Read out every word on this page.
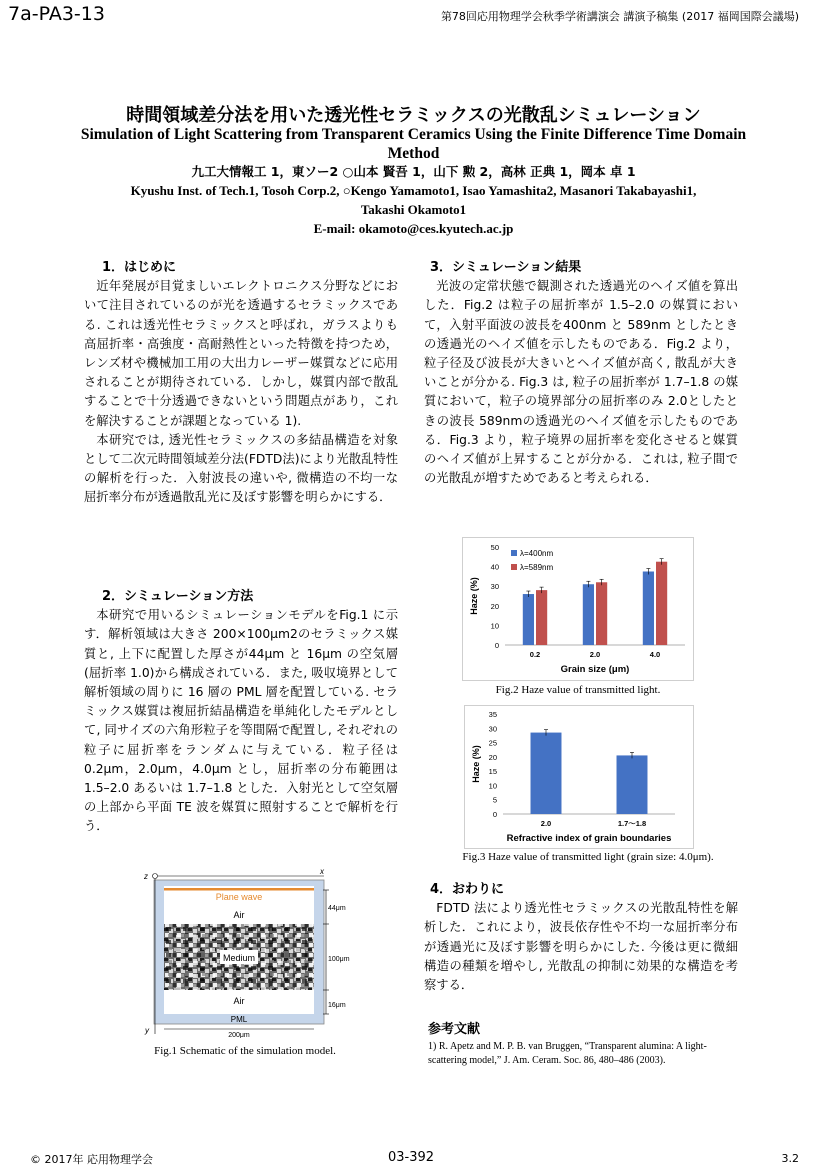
7a-PA3-13	第78回応用物理学会秋季学術講演会 講演予稿集 (2017 福岡国際会議場)
時間領域差分法を用いた透光性セラミックスの光散乱シミュレーション
Simulation of Light Scattering from Transparent Ceramics Using the Finite Difference Time Domain Method
九工大情報工 1，東ソー2 ○山本 賢吾 1，山下 勲 2，高林 正典 1，岡本 卓 1
Kyushu Inst. of Tech.1, Tosoh Corp.2, ○Kengo Yamamoto1, Isao Yamashita2, Masanori Takabayashi1,
Takashi Okamoto1
E-mail: okamoto@ces.kyutech.ac.jp
1．はじめに

近年発展が目覚ましいエレクトロニクス分野などにおいて注目されているのが光を透過するセラミックスである. これは透光性セラミックスと呼ばれ，ガラスよりも高屈折率・高強度・高耐熱性といった特徴を持つため，レンズ材や機械加工用の大出力レーザー媒質などに応用されることが期待されている．しかし，媒質内部で散乱することで十分透過できないという問題点があり，これを解決することが課題となっている 1).

本研究では, 透光性セラミックスの多結晶構造を対象として二次元時間領域差分法(FDTD法)により光散乱特性の解析を行った．入射波長の違いや, 微構造の不均一な屈折率分布が透過散乱光に及ぼす影響を明らかにする．

2．シミュレーション方法

本研究で用いるシミュレーションモデルをFig.1 に示す．解析領域は大きさ 200×100μm2のセラミックス媒質と, 上下に配置した厚さが44μm と 16μm の空気層(屈折率 1.0)から構成されている．また, 吸収境界として解析領域の周りに 16 層の PML 層を配置している. セラミックス媒質は複屈折結晶構造を単純化したモデルとして, 同サイズの六角形粒子を等間隔で配置し, それぞれの粒子に屈折率をランダムに与えている．粒子径は 0.2μm，2.0μm，4.0μm とし，屈折率の分布範囲は 1.5–2.0 あるいは 1.7–1.8 とした．入射光として空気層の上部から平面 TE 波を媒質に照射することで解析を行う．

Plane wave
Air
Medium
Air
PML
44μm
100μm
16μm
200μm
z
x
y
Fig.1 Schematic of the simulation model.
3．シミュレーション結果

光波の定常状態で観測された透過光のヘイズ値を算出した．Fig.2 は粒子の屈折率が 1.5–2.0 の媒質において，入射平面波の波長を400nm と 589nm としたときの透過光のヘイズ値を示したものである．Fig.2 より，粒子径及び波長が大きいとヘイズ値が高く, 散乱が大きいことが分かる. Fig.3 は, 粒子の屈折率が 1.7–1.8 の媒質において，粒子の境界部分の屈折率のみ 2.0としたときの波長 589nmの透過光のヘイズ値を示したものである．Fig.3 より，粒子境界の屈折率を変化させると媒質のヘイズ値が上昇することが分かる．これは, 粒子間での光散乱が増すためであると考えられる．

0
10
20
30
40
50
Haze (%)
0.2	2.0	4.0
Grain size (μm)
λ=400nm
λ=589nm
Fig.2 Haze value of transmitted light.
0
5
10
15
20
25
30
35
Haze (%)
2.0	1.7〜1.8
Refractive index of grain boundaries
Fig.3 Haze value of transmitted light (grain size: 4.0μm).
4．おわりに

FDTD 法により透光性セラミックスの光散乱特性を解析した．これにより，波長依存性や不均一な屈折率分布が透過光に及ぼす影響を明らかにした. 今後は更に微細構造の種類を増やし, 光散乱の抑制に効果的な構造を考察する．

参考文献
1) R. Apetz and M. P. B. van Bruggen, “Transparent alumina: A light-scattering model,” J. Am. Ceram. Soc. 86, 480–486 (2003).
© 2017年 応用物理学会	03-392	3.2
